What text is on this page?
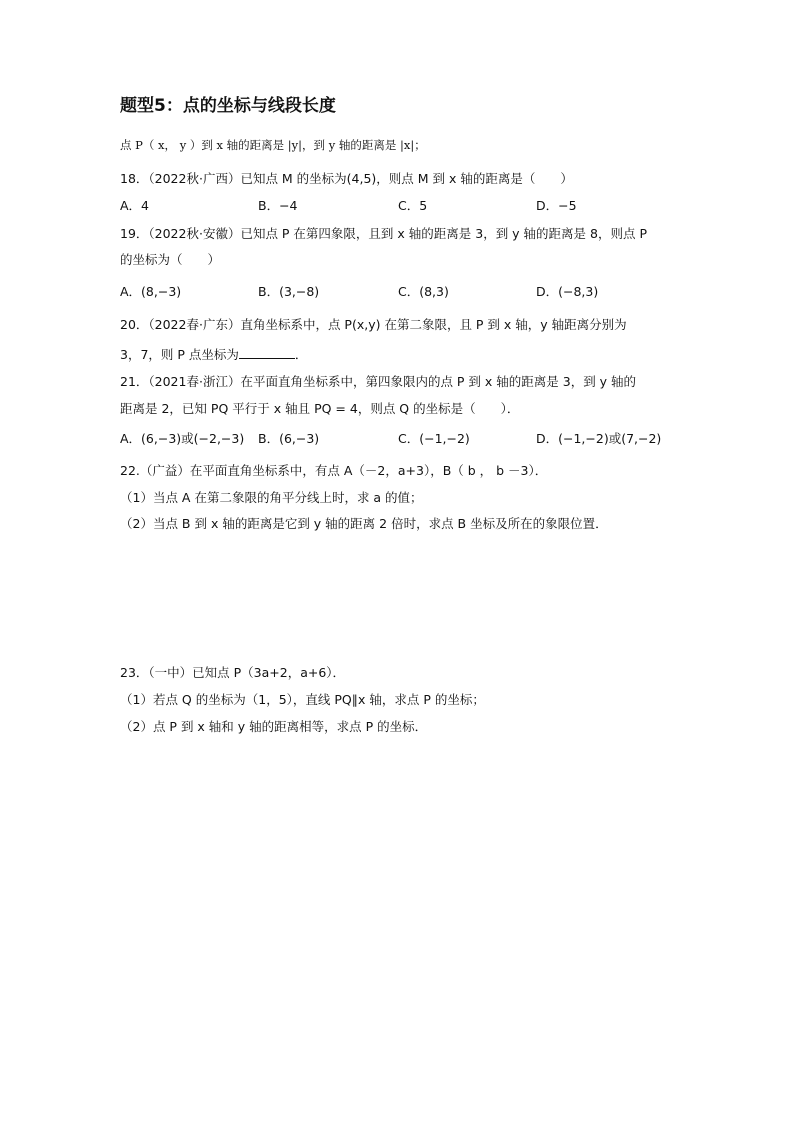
题型5：点的坐标与线段长度
点 P（ x， y ）到 x 轴的距离是 |y|，到 y 轴的距离是 |x|；
18．（2022秋·广西）已知点 M 的坐标为(4,5)，则点 M 到 x 轴的距离是（　　）
A．4	B．−4	C．5	D．−5
19．（2022秋·安徽）已知点 P 在第四象限，且到 x 轴的距离是 3，到 y 轴的距离是 8，则点 P
的坐标为（　　）
A．(8,−3)	B．(3,−8)	C．(8,3)	D．(−8,3)
20．（2022春·广东）直角坐标系中，点 P(x,y) 在第二象限，且 P 到 x 轴，y 轴距离分别为
3，7，则 P 点坐标为	．
21．（2021春·浙江）在平面直角坐标系中，第四象限内的点 P 到 x 轴的距离是 3，到 y 轴的
距离是 2，已知 PQ 平行于 x 轴且 PQ = 4，则点 Q 的坐标是（　　）．
A．(6,−3)或(−2,−3) B．(6,−3)	C．(−1,−2)	D．(−1,−2)或(7,−2)
22.（广益）在平面直角坐标系中，有点 A（－2，a+3），B（ b ， b －3）．
（1）当点 A 在第二象限的角平分线上时，求 a 的值；
（2）当点 B 到 x 轴的距离是它到 y 轴的距离 2 倍时，求点 B 坐标及所在的象限位置．
23．（一中）已知点 P（3a+2，a+6）．
（1）若点 Q 的坐标为（1，5），直线 PQ∥x 轴，求点 P 的坐标；
（2）点 P 到 x 轴和 y 轴的距离相等，求点 P 的坐标．
